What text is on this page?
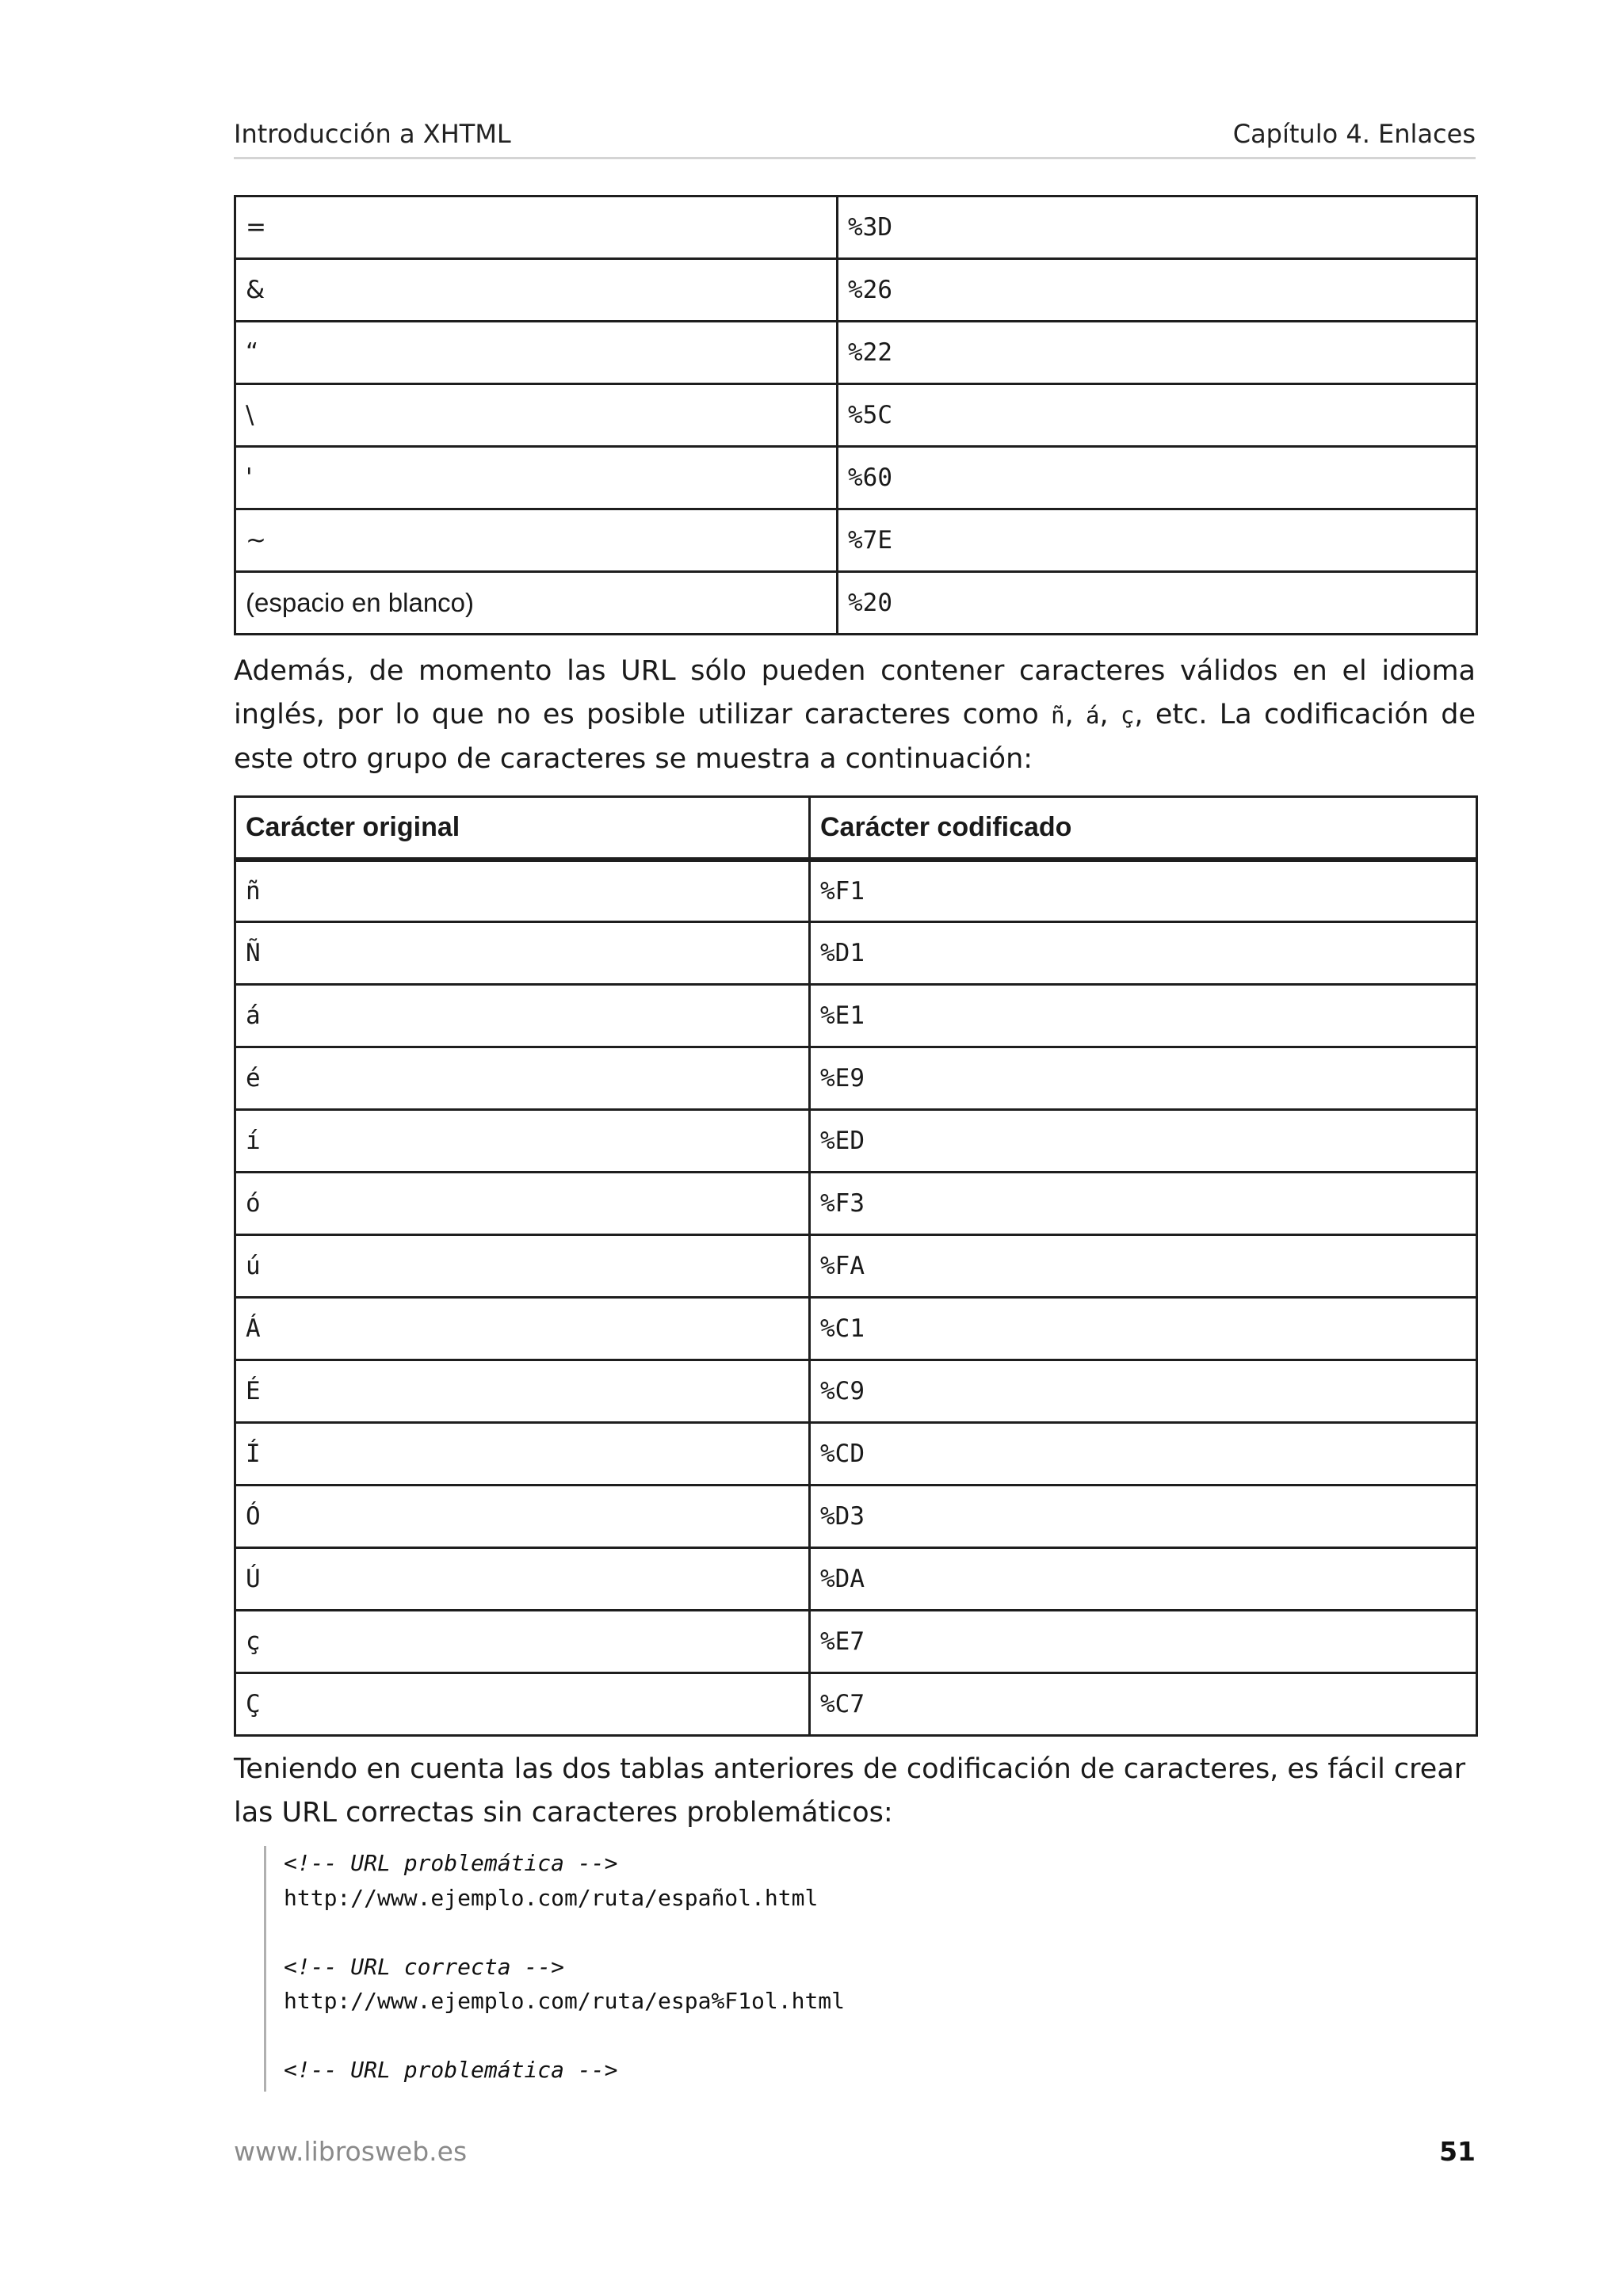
Introducción a XHTML	Capítulo 4. Enlaces
=	%3D
&	%26
“	%22
\	%5C
'	%60
~	%7E
(espacio en blanco)	%20

Además, de momento las URL sólo pueden contener caracteres válidos en el idioma inglés, por lo que no es posible utilizar caracteres como ñ, á, ç, etc. La codificación de este otro grupo de caracteres se muestra a continuación:

Carácter original	Carácter codificado
ñ	%F1
Ñ	%D1
á	%E1
é	%E9
í	%ED
ó	%F3
ú	%FA
Á	%C1
É	%C9
Í	%CD
Ó	%D3
Ú	%DA
ç	%E7
Ç	%C7

Teniendo en cuenta las dos tablas anteriores de codificación de caracteres, es fácil crear las URL correctas sin caracteres problemáticos:

<!-- URL problemática -->
http://www.ejemplo.com/ruta/español.html
<!-- URL correcta -->
http://www.ejemplo.com/ruta/espa%F1ol.html
<!-- URL problemática -->
www.librosweb.es	51
